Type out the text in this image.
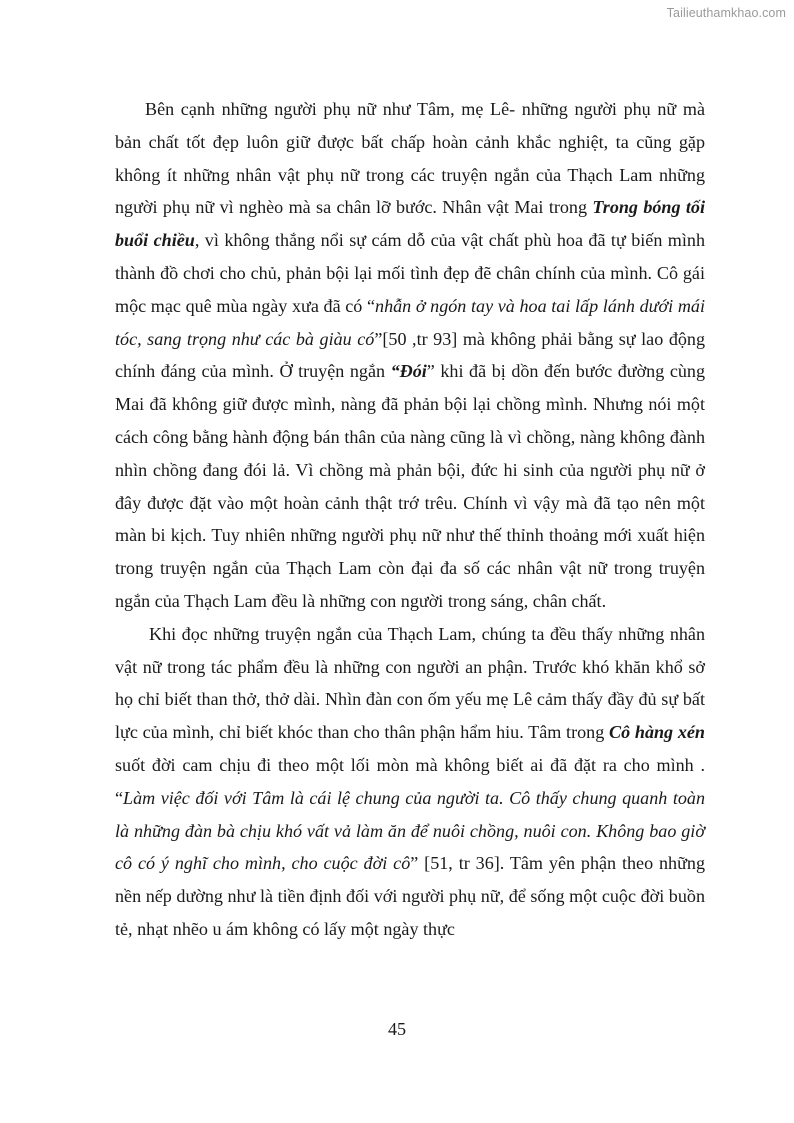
Tailieuthamkhao.com

Bên cạnh những người phụ nữ như Tâm, mẹ Lê- những người phụ nữ mà bản chất tốt đẹp luôn giữ được bất chấp hoàn cảnh khắc nghiệt, ta cũng gặp không ít những nhân vật phụ nữ trong các truyện ngắn của Thạch Lam những người phụ nữ vì nghèo mà sa chân lỡ bước. Nhân vật Mai trong Trong bóng tối buổi chiều, vì không thắng nổi sự cám dỗ của vật chất phù hoa đã tự biến mình thành đồ chơi cho chủ, phản bội lại mối tình đẹp đẽ chân chính của mình. Cô gái mộc mạc quê mùa ngày xưa đã có “nhẫn ở ngón tay và hoa tai lấp lánh dưới mái tóc, sang trọng như các bà giàu có”[50 ,tr 93] mà không phải bằng sự lao động chính đáng của mình. Ở truyện ngắn “Đói” khi đã bị dồn đến bước đường cùng Mai đã không giữ được mình, nàng đã phản bội lại chồng mình. Nhưng nói một cách công bằng hành động bán thân của nàng cũng là vì chồng, nàng không đành nhìn chồng đang đói lả. Vì chồng mà phản bội, đức hi sinh của người phụ nữ ở đây được đặt vào một hoàn cảnh thật trớ trêu. Chính vì vậy mà đã tạo nên một màn bi kịch. Tuy nhiên những người phụ nữ như thế thỉnh thoảng mới xuất hiện trong truyện ngắn của Thạch Lam còn đại đa số các nhân vật nữ trong truyện ngắn của Thạch Lam đều là những con người trong sáng, chân chất.

Khi đọc những truyện ngắn của Thạch Lam, chúng ta đều thấy những nhân vật nữ trong tác phẩm đều là những con người an phận. Trước khó khăn khổ sở họ chỉ biết than thở, thở dài. Nhìn đàn con ốm yếu mẹ Lê cảm thấy đầy đủ sự bất lực của mình, chỉ biết khóc than cho thân phận hẩm hiu. Tâm trong Cô hàng xén suốt đời cam chịu đi theo một lối mòn mà không biết ai đã đặt ra cho mình . “Làm việc đối với Tâm là cái lệ chung của người ta. Cô thấy chung quanh toàn là những đàn bà chịu khó vất vả làm ăn để nuôi chồng, nuôi con. Không bao giờ cô có ý nghĩ cho mình, cho cuộc đời cô” [51, tr 36]. Tâm yên phận theo những nền nếp dường như là tiền định đối với người phụ nữ, để sống một cuộc đời buồn tẻ, nhạt nhẽo u ám không có lấy một ngày thực

45
